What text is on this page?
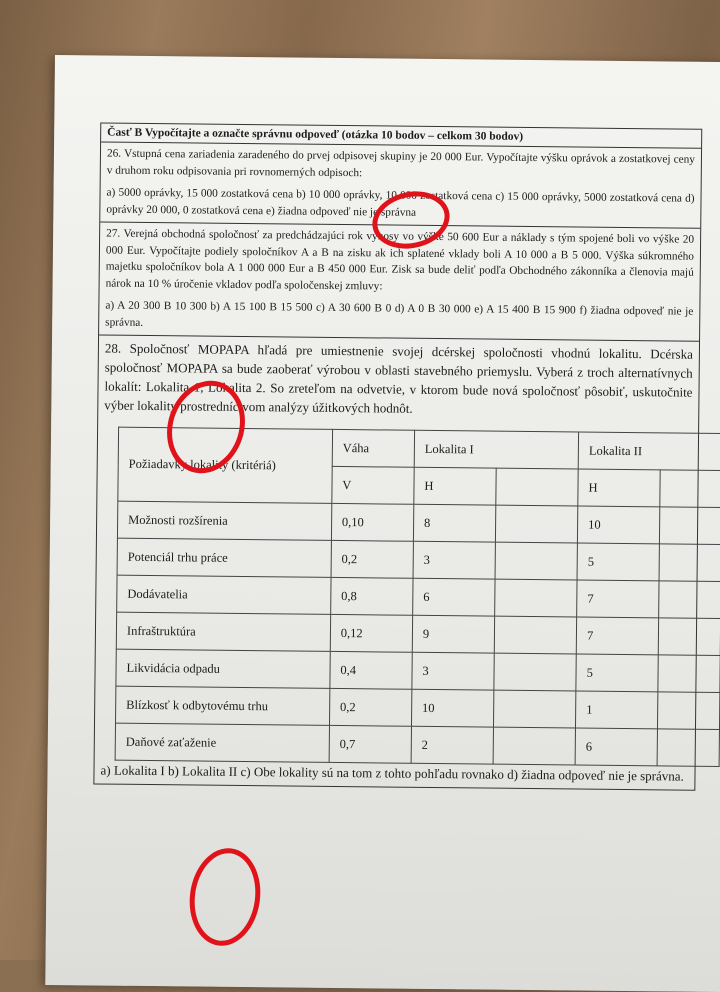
Časť B Vypočítajte a označte správnu odpoveď (otázka 10 bodov – celkom 30 bodov)

26. Vstupná cena zariadenia zaradeného do prvej odpisovej skupiny je 20 000 Eur. Vypočítajte výšku oprávok a zostatkovej ceny v druhom roku odpisovania pri rovnomerných odpisoch:

a) 5000 oprávky, 15 000 zostatková cena b) 10 000 oprávky, 10 000 zostatková cena c) 15 000 oprávky, 5000 zostatková cena d) oprávky 20 000, 0 zostatková cena e) žiadna odpoveď nie je správna

27. Verejná obchodná spoločnosť za predchádzajúci rok výnosy vo výške 50 600 Eur a náklady s tým spojené boli vo výške 20 000 Eur. Vypočítajte podiely spoločníkov A a B na zisku ak ich splatené vklady boli A 10 000 a B 5 000. Výška súkromného majetku spoločníkov bola A 1 000 000 Eur a B 450 000 Eur. Zisk sa bude deliť podľa Obchodného zákonníka a členovia majú nárok na 10 % úročenie vkladov podľa spoločenskej zmluvy:

a) A 20 300 B 10 300 b) A 15 100 B 15 500 c) A 30 600 B 0 d) A 0 B 30 000 e) A 15 400 B 15 900 f) žiadna odpoveď nie je správna.

28. Spoločnosť MOPAPA hľadá pre umiestnenie svojej dcérskej spoločnosti vhodnú lokalitu. Dcérska spoločnosť MOPAPA sa bude zaoberať výrobou v oblasti stavebného priemyslu. Vyberá z troch alternatívnych lokalít: Lokalita 1, Lokalita 2. So zreteľom na odvetvie, v ktorom bude nová spoločnosť pôsobiť, uskutočnite výber lokality prostredníctvom analýzy úžitkových hodnôt.

Požiadavky lokality (kritériá)	Váha	Lokalita I		Lokalita II	
	V	H		H	
Možnosti rozšírenia	0,10	8		10	
Potenciál trhu práce	0,2	3		5	
Dodávatelia	0,8	6		7	
Infraštruktúra	0,12	9		7	
Likvidácia odpadu	0,4	3		5	
Blízkosť k odbytovému trhu	0,2	10		1	
Daňové zaťaženie	0,7	2		6	

a) Lokalita I b) Lokalita II c) Obe lokality sú na tom z tohto pohľadu rovnako d) žiadna odpoveď nie je správna.
